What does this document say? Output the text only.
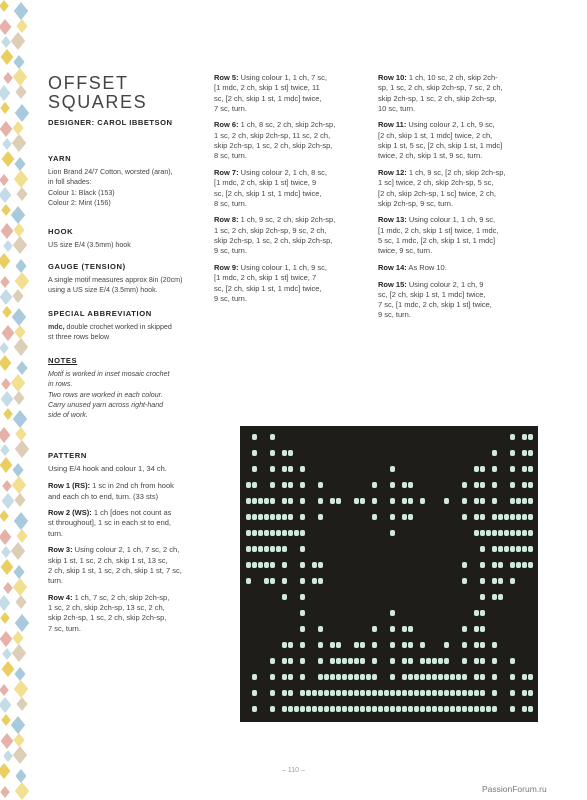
OFFSET
SQUARES
DESIGNER: CAROL IBBETSON
YARN

Lion Brand 24/7 Cotton, worsted (aran),
in foll shades:
Colour 1: Black (153)
Colour 2: Mint (156)

HOOK

US size E/4 (3.5mm) hook

GAUGE (TENSION)

A single motif measures approx 8in (20cm)
using a US size E/4 (3.5mm) hook.

SPECIAL ABBREVIATION

mdc, double crochet worked in skipped
st three rows below

NOTES

Motif is worked in inset mosaic crochet
in rows.
Two rows are worked in each colour.
Carry unused yarn across right-hand
side of work.

PATTERN

Using E/4 hook and colour 1, 34 ch.

Row 1 (RS): 1 sc in 2nd ch from hook
and each ch to end, turn. (33 sts)

Row 2 (WS): 1 ch [does not count as
st throughout], 1 sc in each st to end,
turn.

Row 3: Using colour 2, 1 ch, 7 sc, 2 ch,
skip 1 st, 1 sc, 2 ch, skip 1 st, 13 sc,
2 ch, skip 1 st, 1 sc, 2 ch, skip 1 st, 7 sc,
turn.

Row 4: 1 ch, 7 sc, 2 ch, skip 2ch-sp,
1 sc, 2 ch, skip 2ch-sp, 13 sc, 2 ch,
skip 2ch-sp, 1 sc, 2 ch, skip 2ch-sp,
7 sc, turn.

Row 5: Using colour 1, 1 ch, 7 sc,
[1 mdc, 2 ch, skip 1 st] twice, 11
sc, [2 ch, skip 1 st, 1 mdc] twice,
7 sc, turn.

Row 6: 1 ch, 8 sc, 2 ch, skip 2ch-sp,
1 sc, 2 ch, skip 2ch-sp, 11 sc, 2 ch,
skip 2ch-sp, 1 sc, 2 ch, skip 2ch-sp,
8 sc, turn.

Row 7: Using colour 2, 1 ch, 8 sc,
[1 mdc, 2 ch, skip 1 st] twice, 9
sc, [2 ch, skip 1 st, 1 mdc] twice,
8 sc, turn.

Row 8: 1 ch, 9 sc, 2 ch, skip 2ch-sp,
1 sc, 2 ch, skip 2ch-sp, 9 sc, 2 ch,
skip 2ch-sp, 1 sc, 2 ch, skip 2ch-sp,
9 sc, turn.

Row 9: Using colour 1, 1 ch, 9 sc,
[1 mdc, 2 ch, skip 1 st] twice, 7
sc, [2 ch, skip 1 st, 1 mdc] twice,
9 sc, turn.

Row 10: 1 ch, 10 sc, 2 ch, skip 2ch-
sp, 1 sc, 2 ch, skip 2ch-sp, 7 sc, 2 ch,
skip 2ch-sp, 1 sc, 2 ch, skip 2ch-sp,
10 sc, turn.

Row 11: Using colour 2, 1 ch, 9 sc,
[2 ch, skip 1 st, 1 mdc] twice, 2 ch,
skip 1 st, 5 sc, [2 ch, skip 1 st, 1 mdc]
twice, 2 ch, skip 1 st, 9 sc, turn.

Row 12: 1 ch, 9 sc, [2 ch, skip 2ch-sp,
1 sc] twice, 2 ch, skip 2ch-sp, 5 sc,
[2 ch, skip 2ch-sp, 1 sc] twice, 2 ch,
skip 2ch-sp, 9 sc, turn.

Row 13: Using colour 1, 1 ch, 9 sc,
[1 mdc, 2 ch, skip 1 st] twice, 1 mdc,
5 sc, 1 mdc, [2 ch, skip 1 st, 1 mdc]
twice, 9 sc, turn.

Row 14: As Row 10.

Row 15: Using colour 2, 1 ch, 9
sc, [2 ch, skip 1 st, 1 mdc] twice,
7 sc, [1 mdc, 2 ch, skip 1 st] twice,
9 sc, turn.

– 110 –
PassionForum.ru
